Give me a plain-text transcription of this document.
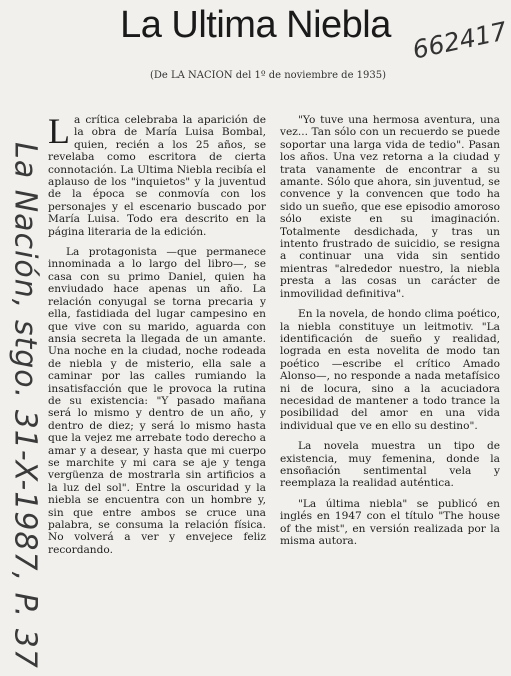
La Ultima Niebla
(De LA NACION del 1º de noviembre de 1935)
662417
La Nación, stgo. 31-X-1987, P. 37

La crítica celebraba la aparición de la obra de María Luisa Bombal, quien, recién a los 25 años, se revelaba como escritora de cierta connotación. La Ultima Niebla recibía el aplauso de los "inquietos" y la juventud de la época se conmovía con los personajes y el escenario buscado por María Luisa. Todo era descrito en la página literaria de la edición.

La protagonista —que permanece innominada a lo largo del libro—, se casa con su primo Daniel, quien ha enviudado hace apenas un año. La relación conyugal se torna precaria y ella, fastidiada del lugar campesino en que vive con su marido, aguarda con ansia secreta la llegada de un amante. Una noche en la ciudad, noche rodeada de niebla y de misterio, ella sale a caminar por las calles rumiando la insatisfacción que le provoca la rutina de su existencia: "Y pasado mañana será lo mismo y dentro de un año, y dentro de diez; y será lo mismo hasta que la vejez me arrebate todo derecho a amar y a desear, y hasta que mi cuerpo se marchite y mi cara se aje y tenga vergüenza de mostrarla sin artificios a la luz del sol". Entre la oscuridad y la niebla se encuentra con un hombre y, sin que entre ambos se cruce una palabra, se consuma la relación física. No volverá a ver y envejece feliz recordando.

"Yo tuve una hermosa aventura, una vez... Tan sólo con un recuerdo se puede soportar una larga vida de tedio". Pasan los años. Una vez retorna a la ciudad y trata vanamente de encontrar a su amante. Sólo que ahora, sin juventud, se convence y la convencen que todo ha sido un sueño, que ese episodio amoroso sólo existe en su imaginación. Totalmente desdichada, y tras un intento frustrado de suicidio, se resigna a continuar una vida sin sentido mientras "alrededor nuestro, la niebla presta a las cosas un carácter de inmovilidad definitiva".

En la novela, de hondo clima poético, la niebla constituye un leitmotiv. "La identificación de sueño y realidad, lograda en esta novelita de modo tan poético —escribe el crítico Amado Alonso—, no responde a nada metafísico ni de locura, sino a la acuciadora necesidad de mantener a todo trance la posibilidad del amor en una vida individual que ve en ello su destino".

La novela muestra un tipo de existencia, muy femenina, donde la ensoñación sentimental vela y reemplaza la realidad auténtica.

"La última niebla" se publicó en inglés en 1947 con el título "The house of the mist", en versión realizada por la misma autora.
